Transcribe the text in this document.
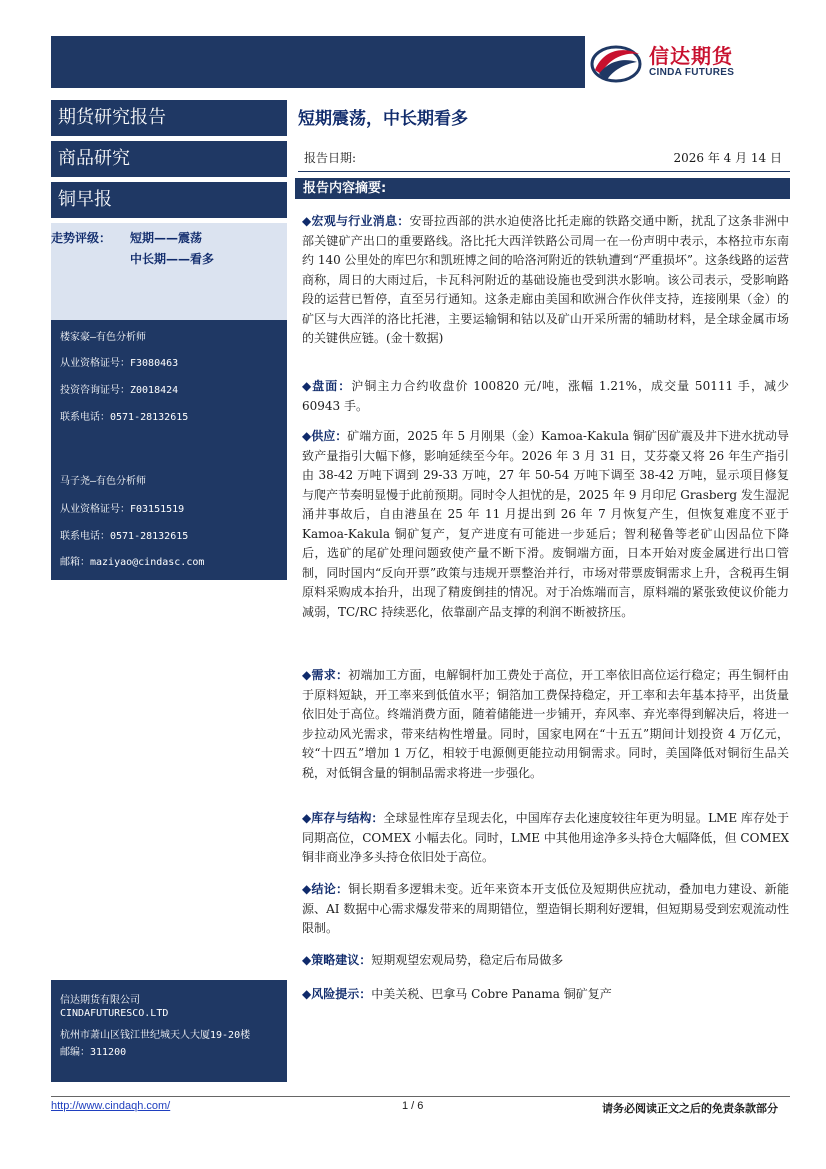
信达期货
CINDA FUTURES
期货研究报告
商品研究
铜早报
走势评级： 短期——震荡
中长期——看多
楼家豪—有色分析师
从业资格证号：F3080463
投资咨询证号：Z0018424
联系电话：0571-28132615
马子尧—有色分析师
从业资格证号：F03151519
联系电话：0571-28132615
邮箱：maziyao@cindasc.com
信达期货有限公司
CINDAFUTURESCO.LTD
杭州市萧山区钱江世纪城天人大厦19-20楼
邮编：311200
短期震荡，中长期看多
报告日期:	2026 年 4 月 14 日
报告内容摘要:
◆宏观与行业消息：安哥拉西部的洪水迫使洛比托走廊的铁路交通中断，扰乱了这条非洲中部关键矿产出口的重要路线。洛比托大西洋铁路公司周一在一份声明中表示，本格拉市东南约 140 公里处的库巴尔和凯班博之间的哈洛河附近的铁轨遭到“严重损坏”。这条线路的运营商称，周日的大雨过后，卡瓦科河附近的基础设施也受到洪水影响。该公司表示，受影响路段的运营已暂停，直至另行通知。这条走廊由美国和欧洲合作伙伴支持，连接刚果（金）的矿区与大西洋的洛比托港，主要运输铜和钴以及矿山开采所需的辅助材料，是全球金属市场的关键供应链。(金十数据)
◆盘面：沪铜主力合约收盘价 100820 元/吨，涨幅 1.21%，成交量 50111 手，减少 60943 手。
◆供应：矿端方面，2025 年 5 月刚果（金）Kamoa-Kakula 铜矿因矿震及井下进水扰动导致产量指引大幅下修，影响延续至今年。2026 年 3 月 31 日，艾芬豪又将 26 年生产指引由 38-42 万吨下调到 29-33 万吨，27 年 50-54 万吨下调至 38-42 万吨，显示项目修复与爬产节奏明显慢于此前预期。同时令人担忧的是，2025 年 9 月印尼 Grasberg 发生湿泥涌井事故后，自由港虽在 25 年 11 月提出到 26 年 7 月恢复产生，但恢复难度不亚于 Kamoa-Kakula 铜矿复产，复产进度有可能进一步延后；智利秘鲁等老矿山因品位下降后，选矿的尾矿处理问题致使产量不断下滑。废铜端方面，日本开始对废金属进行出口管制，同时国内“反向开票”政策与违规开票整治并行，市场对带票废铜需求上升，含税再生铜原料采购成本抬升，出现了精废倒挂的情况。对于冶炼端而言，原料端的紧张致使议价能力减弱，TC/RC 持续恶化，依靠副产品支撑的利润不断被挤压。
◆需求：初端加工方面，电解铜杆加工费处于高位，开工率依旧高位运行稳定；再生铜杆由于原料短缺，开工率来到低值水平；铜箔加工费保持稳定，开工率和去年基本持平，出货量依旧处于高位。终端消费方面，随着储能进一步铺开，弃风率、弃光率得到解决后，将进一步拉动风光需求，带来结构性增量。同时，国家电网在“十五五”期间计划投资 4 万亿元，较“十四五”增加 1 万亿，相较于电源侧更能拉动用铜需求。同时，美国降低对铜衍生品关税，对低铜含量的铜制品需求将进一步强化。
◆库存与结构：全球显性库存呈现去化，中国库存去化速度较往年更为明显。LME 库存处于同期高位，COMEX 小幅去化。同时，LME 中其他用途净多头持仓大幅降低，但 COMEX 铜非商业净多头持仓依旧处于高位。
◆结论：铜长期看多逻辑未变。近年来资本开支低位及短期供应扰动，叠加电力建设、新能源、AI 数据中心需求爆发带来的周期错位，塑造铜长期利好逻辑，但短期易受到宏观流动性限制。
◆策略建议：短期观望宏观局势，稳定后布局做多
◆风险提示：中美关税、巴拿马 Cobre Panama 铜矿复产
http://www.cindaqh.com/	1 / 6	请务必阅读正文之后的免责条款部分
